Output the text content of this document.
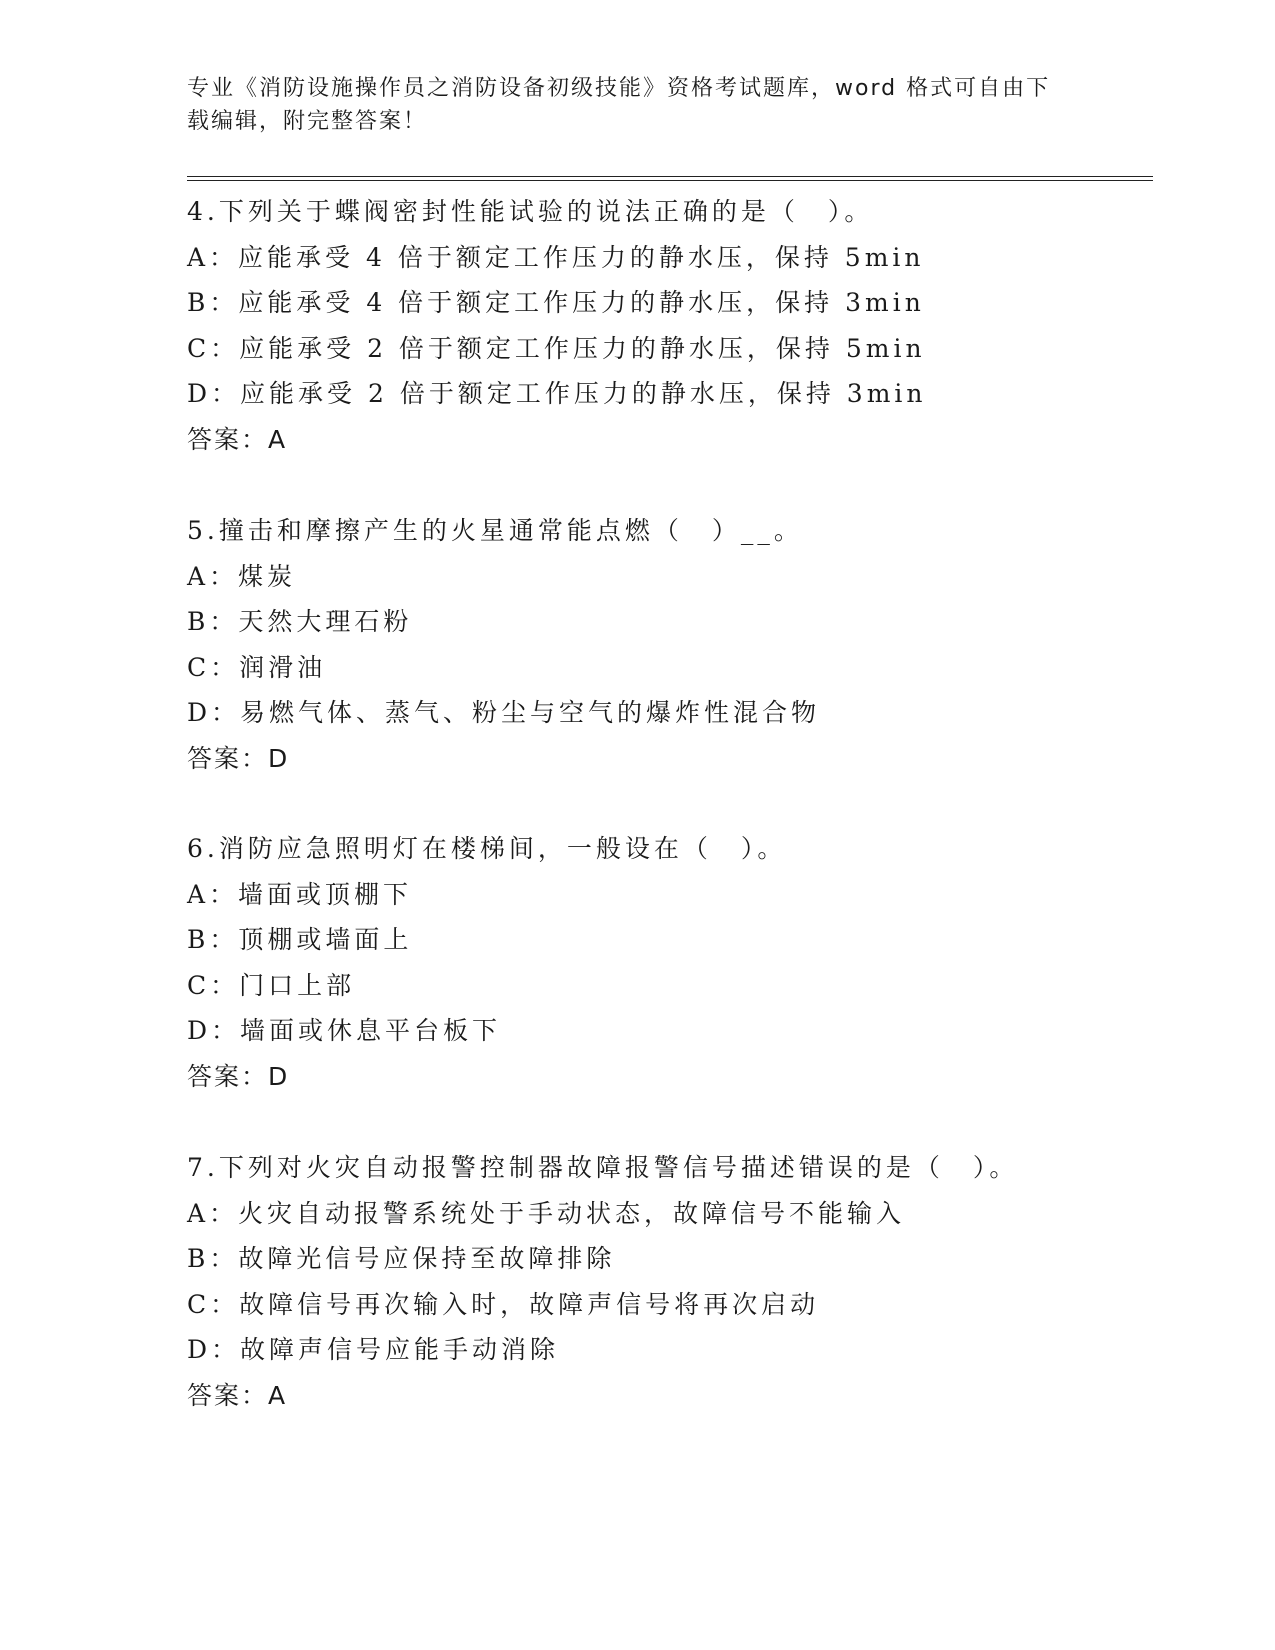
专业《消防设施操作员之消防设备初级技能》资格考试题库，word 格式可自由下
载编辑，附完整答案！
4.下列关于蝶阀密封性能试验的说法正确的是（　）。
A：应能承受 4 倍于额定工作压力的静水压，保持 5min
B：应能承受 4 倍于额定工作压力的静水压，保持 3min
C：应能承受 2 倍于额定工作压力的静水压，保持 5min
D：应能承受 2 倍于额定工作压力的静水压，保持 3min
答案：A
5.撞击和摩擦产生的火星通常能点燃（　）__。
A：煤炭
B：天然大理石粉
C：润滑油
D：易燃气体、蒸气、粉尘与空气的爆炸性混合物
答案：D
6.消防应急照明灯在楼梯间，一般设在（　）。
A：墙面或顶棚下
B：顶棚或墙面上
C：门口上部
D：墙面或休息平台板下
答案：D
7.下列对火灾自动报警控制器故障报警信号描述错误的是（　）。
A：火灾自动报警系统处于手动状态，故障信号不能输入
B：故障光信号应保持至故障排除
C：故障信号再次输入时，故障声信号将再次启动
D：故障声信号应能手动消除
答案：A
